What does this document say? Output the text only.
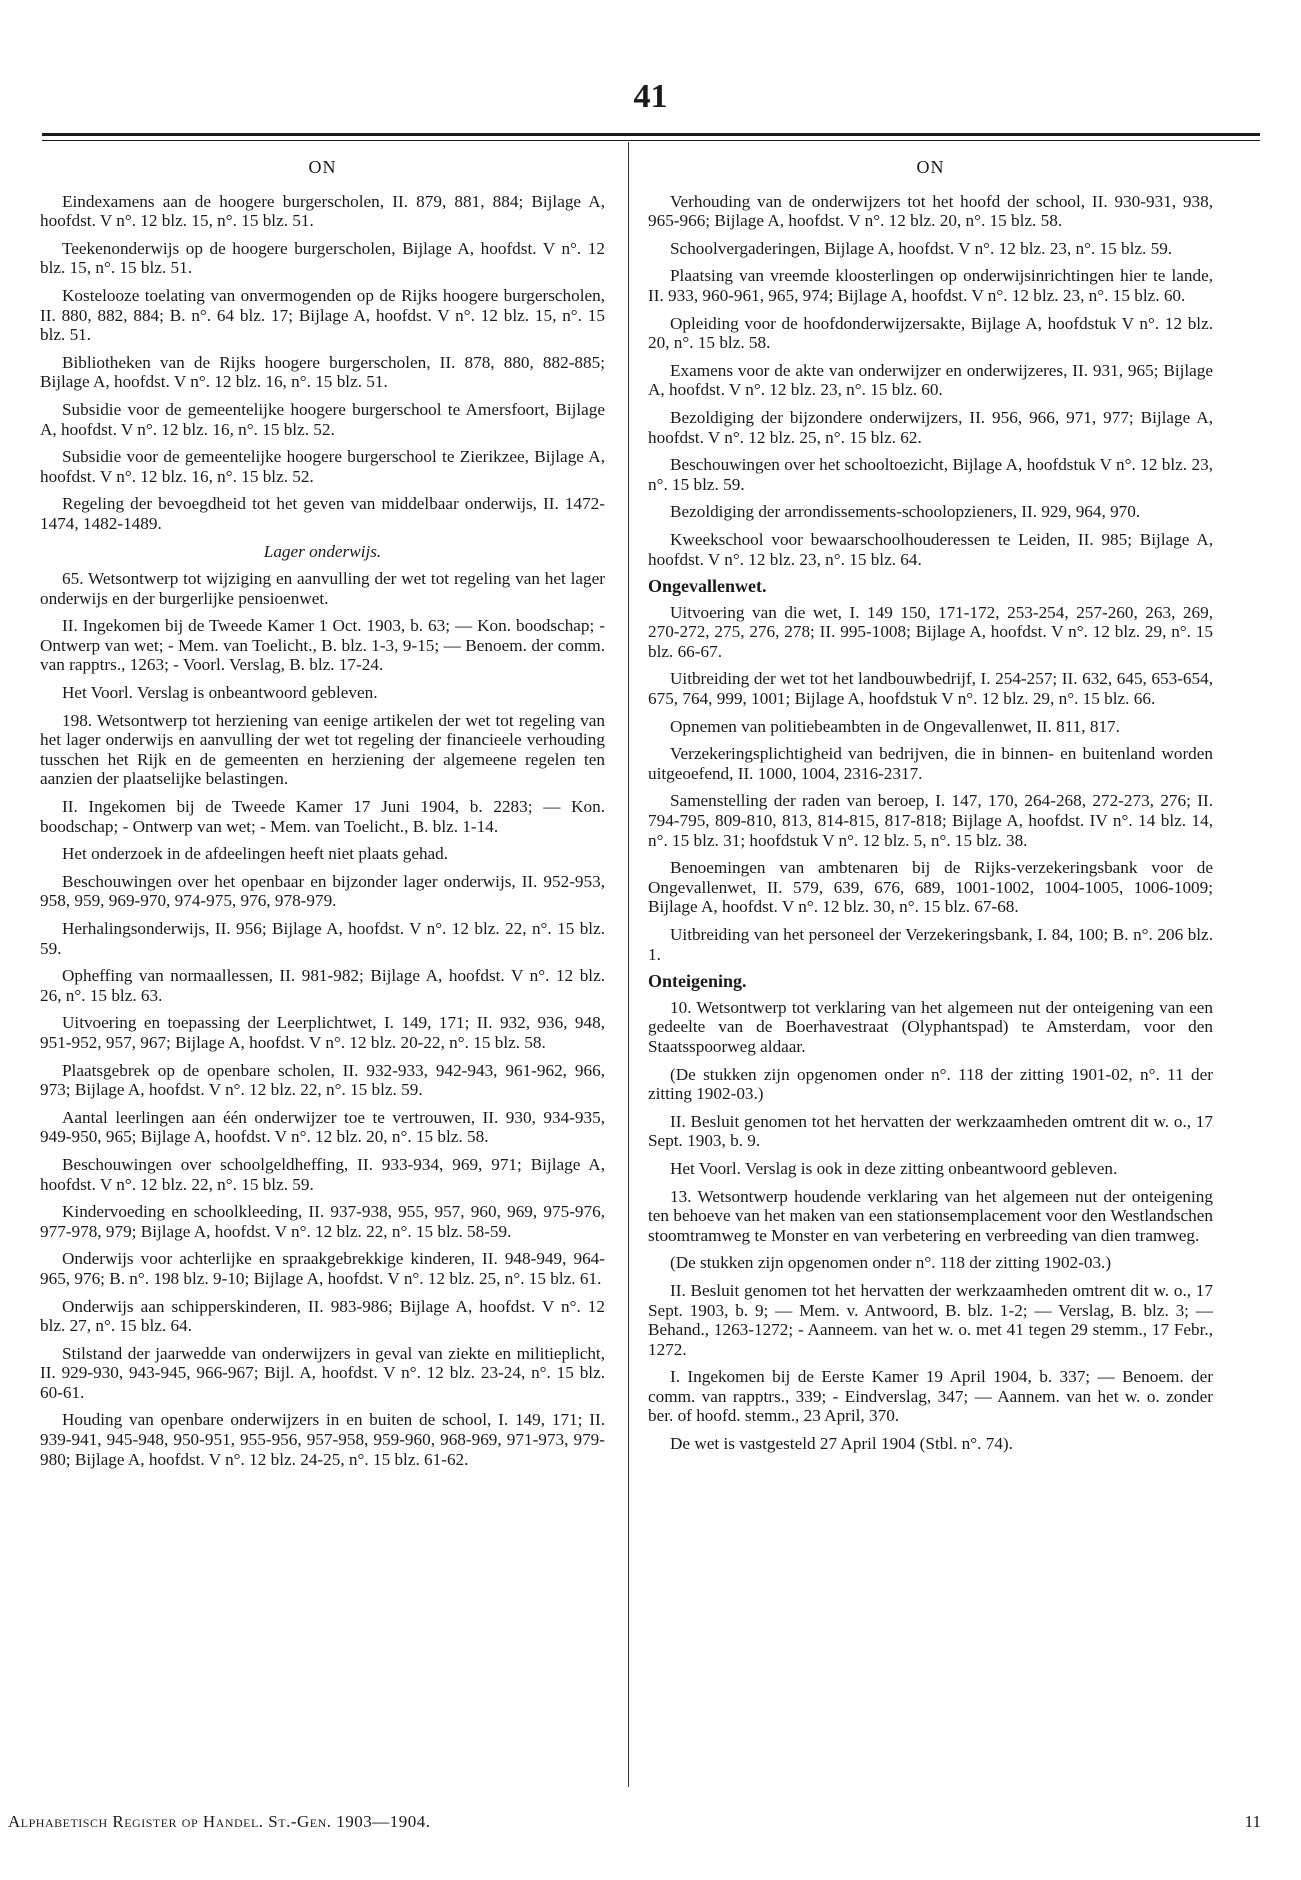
41
ON

Eindexamens aan de hoogere burgerscholen, II. 879, 881, 884; Bijlage A, hoofdst. V n°. 12 blz. 15, n°. 15 blz. 51.

Teekenonderwijs op de hoogere burgerscholen, Bijlage A, hoofdst. V n°. 12 blz. 15, n°. 15 blz. 51.

Kostelooze toelating van onvermogenden op de Rijks hoogere burgerscholen, II. 880, 882, 884; B. n°. 64 blz. 17; Bijlage A, hoofdst. V n°. 12 blz. 15, n°. 15 blz. 51.

Bibliotheken van de Rijks hoogere burgerscholen, II. 878, 880, 882-885; Bijlage A, hoofdst. V n°. 12 blz. 16, n°. 15 blz. 51.

Subsidie voor de gemeentelijke hoogere burgerschool te Amersfoort, Bijlage A, hoofdst. V n°. 12 blz. 16, n°. 15 blz. 52.

Subsidie voor de gemeentelijke hoogere burgerschool te Zierikzee, Bijlage A, hoofdst. V n°. 12 blz. 16, n°. 15 blz. 52.

Regeling der bevoegdheid tot het geven van middelbaar onderwijs, II. 1472-1474, 1482-1489.

Lager onderwijs.

65. Wetsontwerp tot wijziging en aanvulling der wet tot regeling van het lager onderwijs en der burgerlijke pensioenwet.

II. Ingekomen bij de Tweede Kamer 1 Oct. 1903, b. 63; — Kon. boodschap; - Ontwerp van wet; - Mem. van Toelicht., B. blz. 1-3, 9-15; — Benoem. der comm. van rapptrs., 1263; - Voorl. Verslag, B. blz. 17-24.

Het Voorl. Verslag is onbeantwoord gebleven.

198. Wetsontwerp tot herziening van eenige artikelen der wet tot regeling van het lager onderwijs en aanvulling der wet tot regeling der financieele verhouding tusschen het Rijk en de gemeenten en herziening der algemeene regelen ten aanzien der plaatselijke belastingen.

II. Ingekomen bij de Tweede Kamer 17 Juni 1904, b. 2283; — Kon. boodschap; - Ontwerp van wet; - Mem. van Toelicht., B. blz. 1-14.

Het onderzoek in de afdeelingen heeft niet plaats gehad.

Beschouwingen over het openbaar en bijzonder lager onderwijs, II. 952-953, 958, 959, 969-970, 974-975, 976, 978-979.

Herhalingsonderwijs, II. 956; Bijlage A, hoofdst. V n°. 12 blz. 22, n°. 15 blz. 59.

Opheffing van normaallessen, II. 981-982; Bijlage A, hoofdst. V n°. 12 blz. 26, n°. 15 blz. 63.

Uitvoering en toepassing der Leerplichtwet, I. 149, 171; II. 932, 936, 948, 951-952, 957, 967; Bijlage A, hoofdst. V n°. 12 blz. 20-22, n°. 15 blz. 58.

Plaatsgebrek op de openbare scholen, II. 932-933, 942-943, 961-962, 966, 973; Bijlage A, hoofdst. V n°. 12 blz. 22, n°. 15 blz. 59.

Aantal leerlingen aan één onderwijzer toe te vertrouwen, II. 930, 934-935, 949-950, 965; Bijlage A, hoofdst. V n°. 12 blz. 20, n°. 15 blz. 58.

Beschouwingen over schoolgeldheffing, II. 933-934, 969, 971; Bijlage A, hoofdst. V n°. 12 blz. 22, n°. 15 blz. 59.

Kindervoeding en schoolkleeding, II. 937-938, 955, 957, 960, 969, 975-976, 977-978, 979; Bijlage A, hoofdst. V n°. 12 blz. 22, n°. 15 blz. 58-59.

Onderwijs voor achterlijke en spraakgebrekkige kinderen, II. 948-949, 964-965, 976; B. n°. 198 blz. 9-10; Bijlage A, hoofdst. V n°. 12 blz. 25, n°. 15 blz. 61.

Onderwijs aan schipperskinderen, II. 983-986; Bijlage A, hoofdst. V n°. 12 blz. 27, n°. 15 blz. 64.

Stilstand der jaarwedde van onderwijzers in geval van ziekte en militieplicht, II. 929-930, 943-945, 966-967; Bijl. A, hoofdst. V n°. 12 blz. 23-24, n°. 15 blz. 60-61.

Houding van openbare onderwijzers in en buiten de school, I. 149, 171; II. 939-941, 945-948, 950-951, 955-956, 957-958, 959-960, 968-969, 971-973, 979-980; Bijlage A, hoofdst. V n°. 12 blz. 24-25, n°. 15 blz. 61-62.

ON

Verhouding van de onderwijzers tot het hoofd der school, II. 930-931, 938, 965-966; Bijlage A, hoofdst. V n°. 12 blz. 20, n°. 15 blz. 58.

Schoolvergaderingen, Bijlage A, hoofdst. V n°. 12 blz. 23, n°. 15 blz. 59.

Plaatsing van vreemde kloosterlingen op onderwijsinrichtingen hier te lande, II. 933, 960-961, 965, 974; Bijlage A, hoofdst. V n°. 12 blz. 23, n°. 15 blz. 60.

Opleiding voor de hoofdonderwijzersakte, Bijlage A, hoofdstuk V n°. 12 blz. 20, n°. 15 blz. 58.

Examens voor de akte van onderwijzer en onderwijzeres, II. 931, 965; Bijlage A, hoofdst. V n°. 12 blz. 23, n°. 15 blz. 60.

Bezoldiging der bijzondere onderwijzers, II. 956, 966, 971, 977; Bijlage A, hoofdst. V n°. 12 blz. 25, n°. 15 blz. 62.

Beschouwingen over het schooltoezicht, Bijlage A, hoofdstuk V n°. 12 blz. 23, n°. 15 blz. 59.

Bezoldiging der arrondissements-schoolopzieners, II. 929, 964, 970.

Kweekschool voor bewaarschoolhouderessen te Leiden, II. 985; Bijlage A, hoofdst. V n°. 12 blz. 23, n°. 15 blz. 64.

Ongevallenwet.

Uitvoering van die wet, I. 149 150, 171-172, 253-254, 257-260, 263, 269, 270-272, 275, 276, 278; II. 995-1008; Bijlage A, hoofdst. V n°. 12 blz. 29, n°. 15 blz. 66-67.

Uitbreiding der wet tot het landbouwbedrijf, I. 254-257; II. 632, 645, 653-654, 675, 764, 999, 1001; Bijlage A, hoofdstuk V n°. 12 blz. 29, n°. 15 blz. 66.

Opnemen van politiebeambten in de Ongevallenwet, II. 811, 817.

Verzekeringsplichtigheid van bedrijven, die in binnen- en buitenland worden uitgeoefend, II. 1000, 1004, 2316-2317.

Samenstelling der raden van beroep, I. 147, 170, 264-268, 272-273, 276; II. 794-795, 809-810, 813, 814-815, 817-818; Bijlage A, hoofdst. IV n°. 14 blz. 14, n°. 15 blz. 31; hoofdstuk V n°. 12 blz. 5, n°. 15 blz. 38.

Benoemingen van ambtenaren bij de Rijks-verzekeringsbank voor de Ongevallenwet, II. 579, 639, 676, 689, 1001-1002, 1004-1005, 1006-1009; Bijlage A, hoofdst. V n°. 12 blz. 30, n°. 15 blz. 67-68.

Uitbreiding van het personeel der Verzekeringsbank, I. 84, 100; B. n°. 206 blz. 1.

Onteigening.

10. Wetsontwerp tot verklaring van het algemeen nut der onteigening van een gedeelte van de Boerhavestraat (Olyphantspad) te Amsterdam, voor den Staatsspoorweg aldaar.

(De stukken zijn opgenomen onder n°. 118 der zitting 1901-02, n°. 11 der zitting 1902-03.)

II. Besluit genomen tot het hervatten der werkzaamheden omtrent dit w. o., 17 Sept. 1903, b. 9.

Het Voorl. Verslag is ook in deze zitting onbeantwoord gebleven.

13. Wetsontwerp houdende verklaring van het algemeen nut der onteigening ten behoeve van het maken van een stationsemplacement voor den Westlandschen stoomtramweg te Monster en van verbetering en verbreeding van dien tramweg.

(De stukken zijn opgenomen onder n°. 118 der zitting 1902-03.)

II. Besluit genomen tot het hervatten der werkzaamheden omtrent dit w. o., 17 Sept. 1903, b. 9; — Mem. v. Antwoord, B. blz. 1-2; — Verslag, B. blz. 3; — Behand., 1263-1272; - Aanneem. van het w. o. met 41 tegen 29 stemm., 17 Febr., 1272.

I. Ingekomen bij de Eerste Kamer 19 April 1904, b. 337; — Benoem. der comm. van rapptrs., 339; - Eindverslag, 347; — Aannem. van het w. o. zonder ber. of hoofd. stemm., 23 April, 370.

De wet is vastgesteld 27 April 1904 (Stbl. n°. 74).

Alphabetisch Register op Handel. St.-Gen. 1903—1904.	11
